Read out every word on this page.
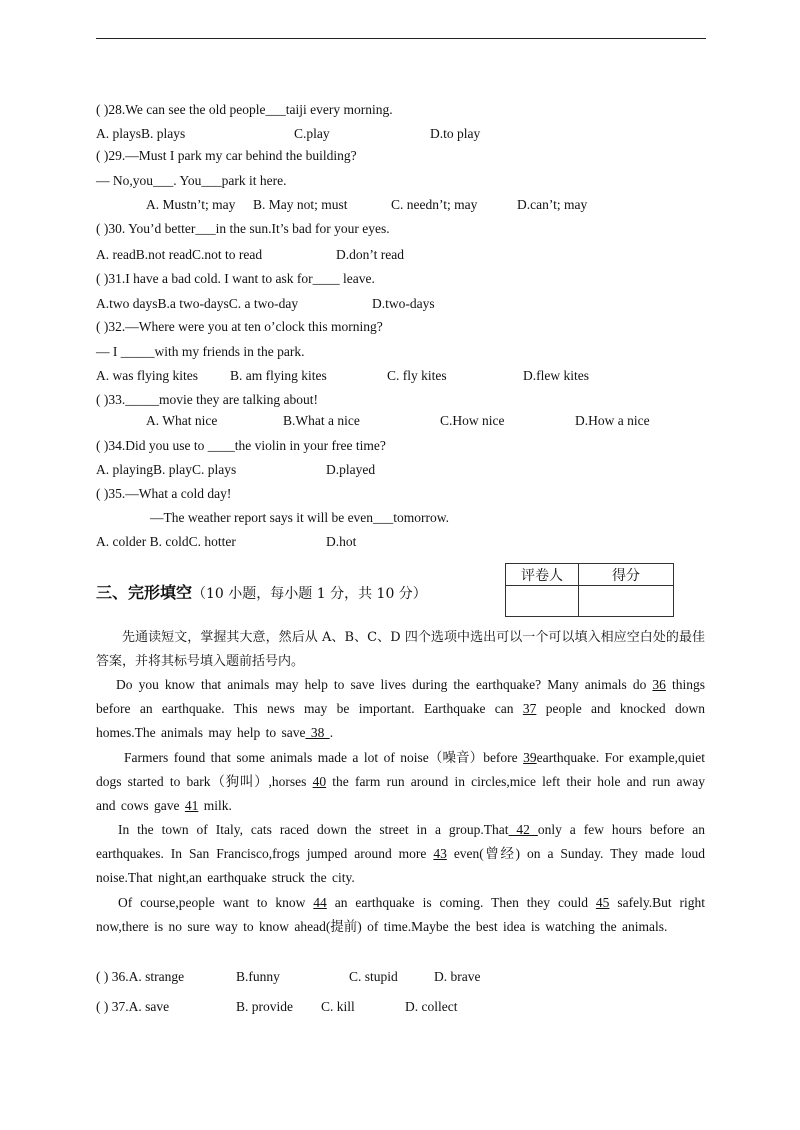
( )28.We can see the old people___taiji every morning.
A. playsB. plays	C.play	D.to play
( )29.—Must I park my car behind the building?
— No,you___. You___park it here.
A. Mustn’t; may B. May not; must	C. needn’t; may	D.can’t; may
( )30. You’d better___in the sun.It’s bad for your eyes.
A. readB.not readC.not to read	D.don’t read
( )31.I have a bad cold. I want to ask for____ leave.
A.two daysB.a two-daysC. a two-day	D.two-days
( )32.—Where were you at ten o’clock this morning?
— I _____with my friends in the park.
A. was flying kites B. am flying kites	C. fly kites	D.flew kites
( )33._____movie they are talking about!
A. What nice	B.What a nice	C.How nice	D.How a nice
( )34.Did you use to ____the violin in your free time?
A. playingB. playC. plays	D.played
( )35.—What a cold day!
—The weather report says it will be even___tomorrow.
A. colder B. coldC. hotter	D.hot
三、完形填空（10 小题，每小题 1 分，共 10 分）
评卷人	得分

先通读短文，掌握其大意，然后从 A、B、C、D 四个选项中选出可以一个可以填入相应空白处的最佳答案，并将其标号填入题前括号内。
Do you know that animals may help to save lives during the earthquake? Many animals do 36 things before an earthquake. This news may be important. Earthquake can 37 people and knocked down homes.The animals may help to save 38 .
Farmers found that some animals made a lot of noise（噪音）before 39earthquake. For example,quiet dogs started to bark（狗叫）,horses 40 the farm run around in circles,mice left their hole and run away and cows gave 41 milk.
In the town of Italy, cats raced down the street in a group.That 42 only a few hours before an earthquakes. In San Francisco,frogs jumped around more 43 even(曾经) on a Sunday. They made loud noise.That night,an earthquake struck the city.
Of course,people want to know 44 an earthquake is coming. Then they could 45 safely.But right now,there is no sure way to know ahead(提前) of time.Maybe the best idea is watching the animals.
( ) 36.A. strange	B.funny	C. stupid	D. brave
( ) 37.A. save	B. provide C. kill	D. collect
